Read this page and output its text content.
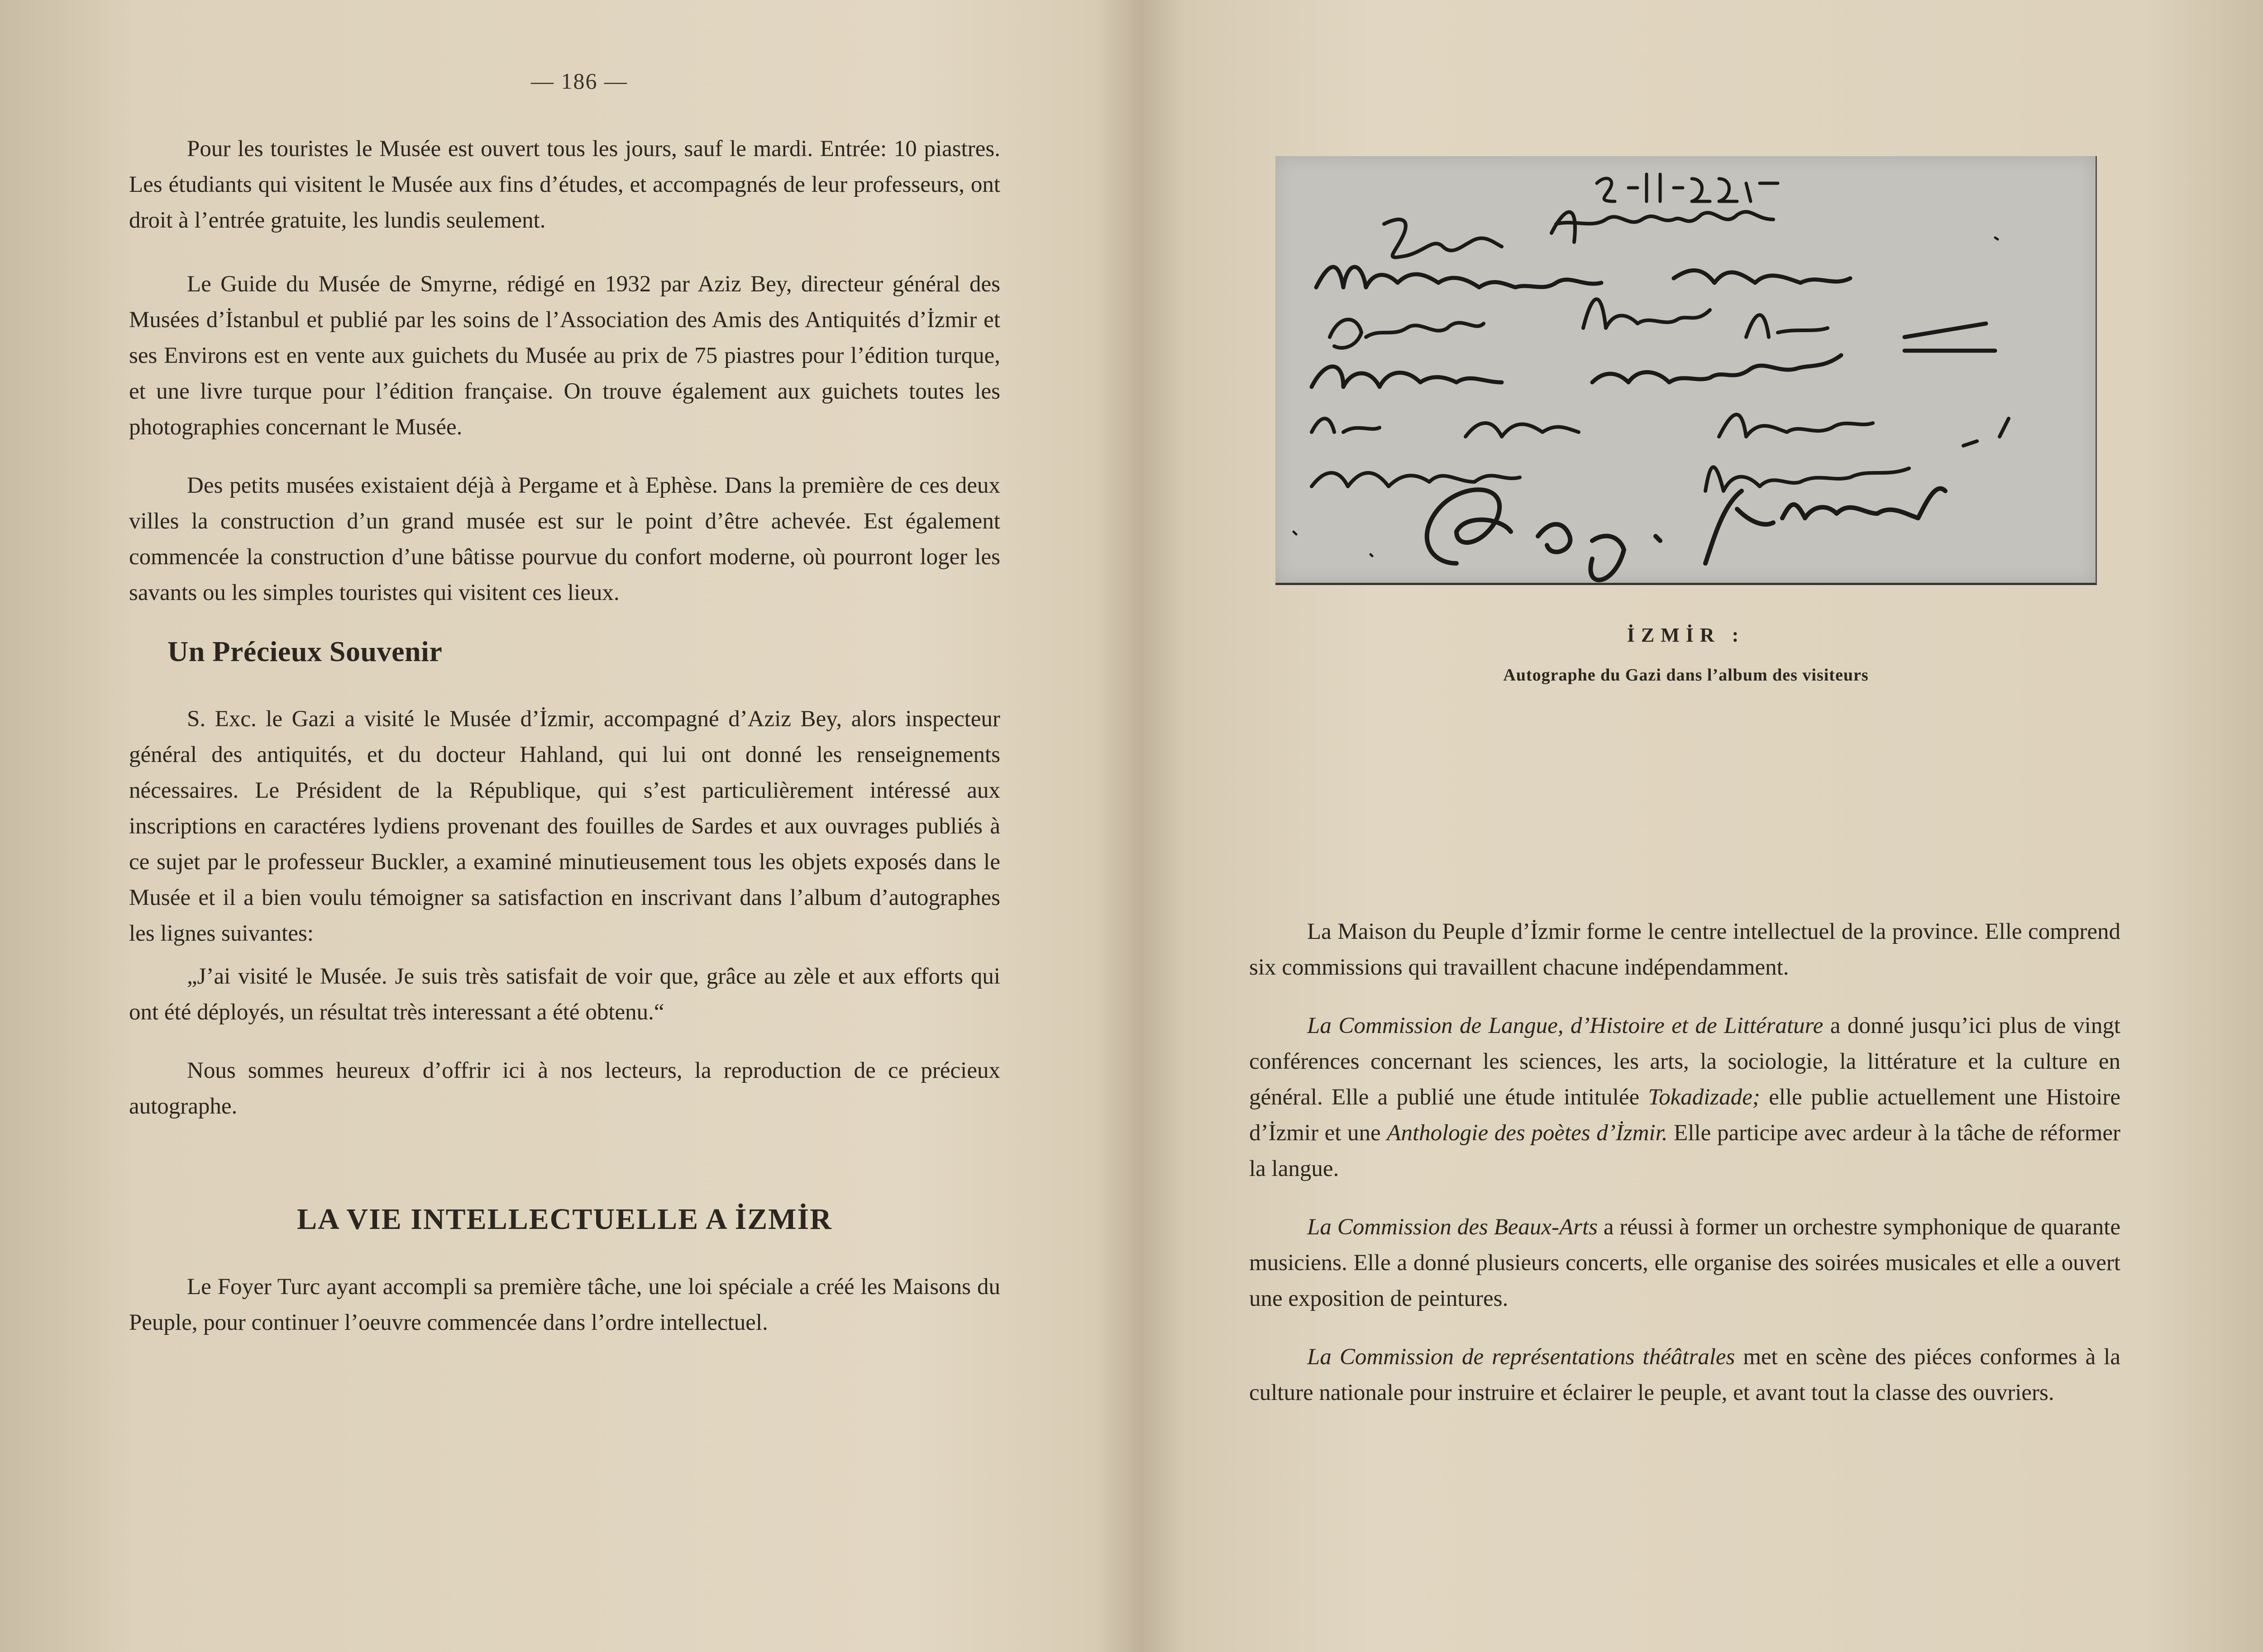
— 186 —

Pour les touristes le Musée est ouvert tous les jours, sauf le mardi. Entrée: 10 piastres. Les étudiants qui visitent le Musée aux fins d’études, et accompagnés de leur professeurs, ont droit à l’entrée gratuite, les lundis seulement.

Le Guide du Musée de Smyrne, rédigé en 1932 par Aziz Bey, directeur général des Musées d’İstanbul et publié par les soins de l’Association des Amis des Antiquités d’İzmir et ses Environs est en vente aux guichets du Musée au prix de 75 piastres pour l’édition turque, et une livre turque pour l’édition française. On trouve également aux guichets toutes les photographies concernant le Musée.

Des petits musées existaient déjà à Pergame et à Ephèse. Dans la première de ces deux villes la construction d’un grand musée est sur le point d’être achevée. Est également commencée la construction d’une bâtisse pourvue du confort moderne, où pourront loger les savants ou les simples touristes qui visitent ces lieux.

Un Précieux Souvenir

S. Exc. le Gazi a visité le Musée d’İzmir, accompagné d’Aziz Bey, alors inspecteur général des antiquités, et du docteur Hahland, qui lui ont donné les renseignements nécessaires. Le Président de la République, qui s’est particulièrement intéressé aux inscriptions en caractéres lydiens provenant des fouilles de Sardes et aux ouvrages publiés à ce sujet par le professeur Buckler, a examiné minutieusement tous les objets exposés dans le Musée et il a bien voulu témoigner sa satisfaction en inscrivant dans l’album d’autographes les lignes suivantes:

„J’ai visité le Musée. Je suis très satisfait de voir que, grâce au zèle et aux efforts qui ont été déployés, un résultat très interessant a été obtenu.“

Nous sommes heureux d’offrir ici à nos lecteurs, la reproduction de ce précieux autographe.

LA VIE INTELLECTUELLE A İZMİR

Le Foyer Turc ayant accompli sa première tâche, une loi spéciale a créé les Maisons du Peuple, pour continuer l’oeuvre commencée dans l’ordre intellectuel.

İZMİR :
Autographe du Gazi dans l’album des visiteurs

La Maison du Peuple d’İzmir forme le centre intellectuel de la province. Elle comprend six commissions qui travaillent chacune indépendamment.

La Commission de Langue, d’Histoire et de Littérature a donné jusqu’ici plus de vingt conférences concernant les sciences, les arts, la sociologie, la littérature et la culture en général. Elle a publié une étude intitulée Tokadizade; elle publie actuellement une Histoire d’İzmir et une Anthologie des poètes d’İzmir. Elle participe avec ardeur à la tâche de réformer la langue.

La Commission des Beaux-Arts a réussi à former un orchestre symphonique de quarante musiciens. Elle a donné plusieurs concerts, elle organise des soirées musicales et elle a ouvert une exposition de peintures.

La Commission de représentations théâtrales met en scène des piéces conformes à la culture nationale pour instruire et éclairer le peuple, et avant tout la classe des ouvriers.
